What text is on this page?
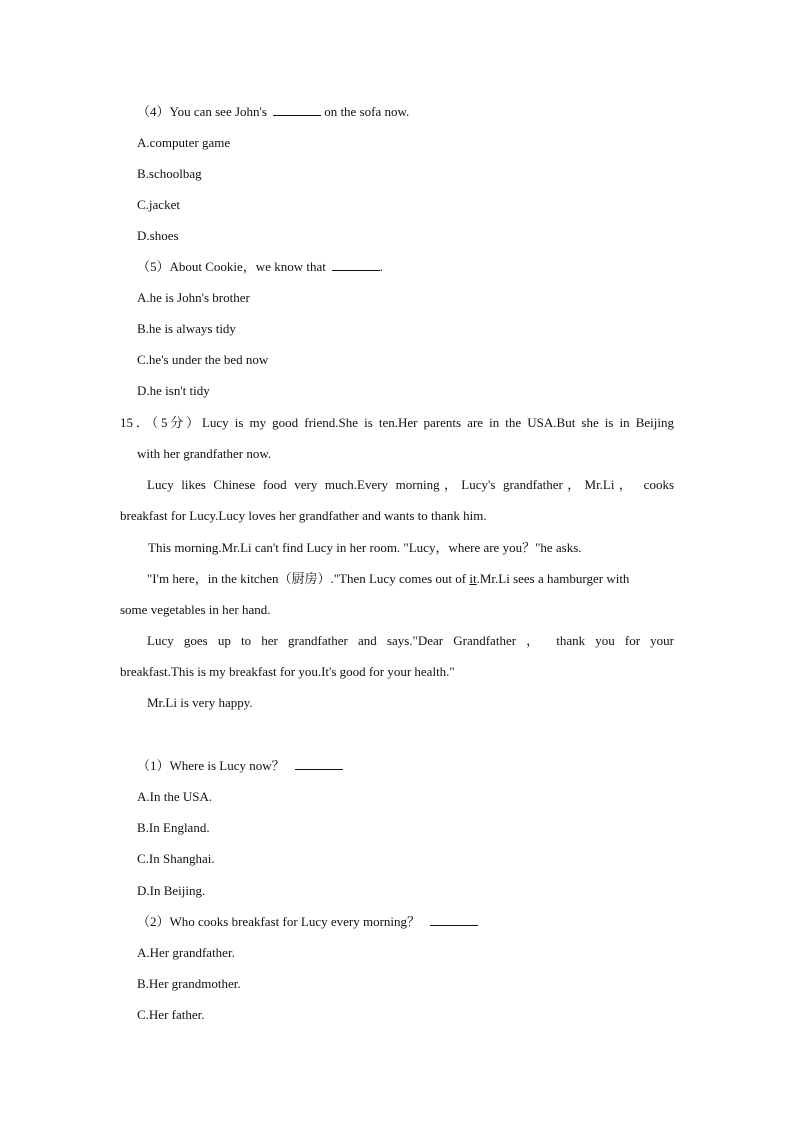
（4）You can see John's	on the sofa now.
A.computer game
B.schoolbag
C.jacket
D.shoes
（5）About Cookie，we know that	.
A.he is John's brother
B.he is always tidy
C.he's under the bed now
D.he isn't tidy
15．（5分）Lucy is my good friend.She is ten.Her parents are in the USA.But she is in Beijing
with her grandfather now.
Lucy likes Chinese food very much.Every morning，Lucy's grandfather，Mr.Li， cooks
breakfast for Lucy.Lucy loves her grandfather and wants to thank him.
This morning.Mr.Li can't find Lucy in her room. "Lucy，where are you？"he asks.
"I'm here，in the kitchen（厨房）."Then Lucy comes out of it.Mr.Li sees a hamburger with
some vegetables in her hand.
Lucy goes up to her grandfather and says."Dear Grandfather ， thank you for your
breakfast.This is my breakfast for you.It's good for your health."
Mr.Li is very happy.
（1）Where is Lucy now？
A.In the USA.
B.In England.
C.In Shanghai.
D.In Beijing.
（2）Who cooks breakfast for Lucy every morning？
A.Her grandfather.
B.Her grandmother.
C.Her father.
